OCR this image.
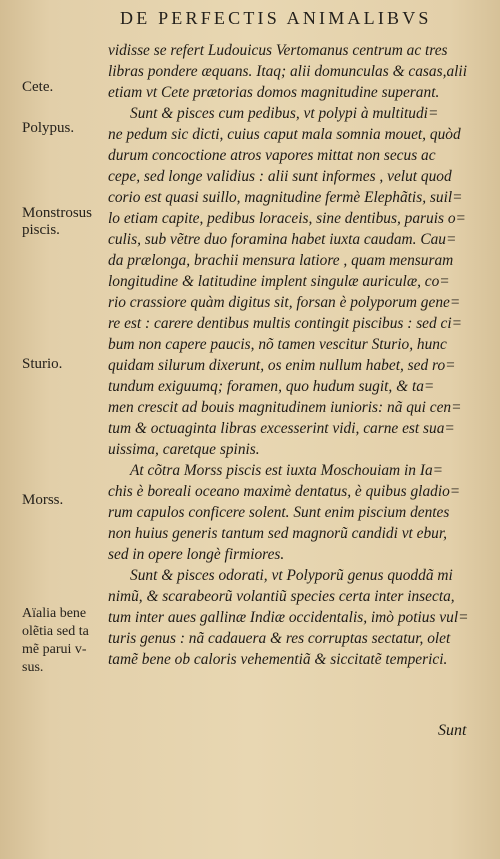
DE PERFECTIS ANIMALIBVS
Cete.
Polypus.
Monstrosus piscis.
Sturio.
Morss.
Aïalia bene olẽtia sed ta mẽ parui v- sus.
vidisse se refert Ludouicus Vertomanus centrum ac tres
libras pondere æquans. Itaq; alii domunculas & casas,alii
etiam vt Cete prætorias domos magnitudine superant.
Sunt & pisces cum pedibus, vt polypi à multitudi=
ne pedum sic dicti, cuius caput mala somnia mouet, quòd
durum concoctione atros vapores mittat non secus ac
cepe, sed longe validius : alii sunt informes , velut quod
corio est quasi suillo, magnitudine fermè Elephãtis, suil=
lo etiam capite, pedibus loraceis, sine dentibus, paruis o=
culis, sub vẽtre duo foramina habet iuxta caudam. Cau=
da prælonga, brachii mensura latiore , quam mensuram
longitudine & latitudine implent singulæ auriculæ, co=
rio crassiore quàm digitus sit, forsan è polyporum gene=
re est : carere dentibus multis contingit piscibus : sed ci=
bum non capere paucis, nõ tamen vescitur Sturio, hunc
quidam silurum dixerunt, os enim nullum habet, sed ro=
tundum exiguumq; foramen, quo hudum sugit, & ta=
men crescit ad bouis magnitudinem iunioris: nã qui cen=
tum & octuaginta libras excesserint vidi, carne est sua=
uissima, caretque spinis.
At cõtra Morss piscis est iuxta Moschouiam in Ia=
chis è boreali oceano maximè dentatus, è quibus gladio=
rum capulos conficere solent. Sunt enim piscium dentes
non huius generis tantum sed magnorũ candidi vt ebur,
sed in opere longè firmiores.
Sunt & pisces odorati, vt Polyporũ genus quoddã mi
nimũ, & scarabeorũ volantiũ species certa inter insecta,
tum inter aues gallinæ Indiæ occidentalis, imò potius vul=
turis genus : nã cadauera & res corruptas sectatur, olet
tamẽ bene ob caloris vehementiã & siccitatẽ temperici.
Sunt
